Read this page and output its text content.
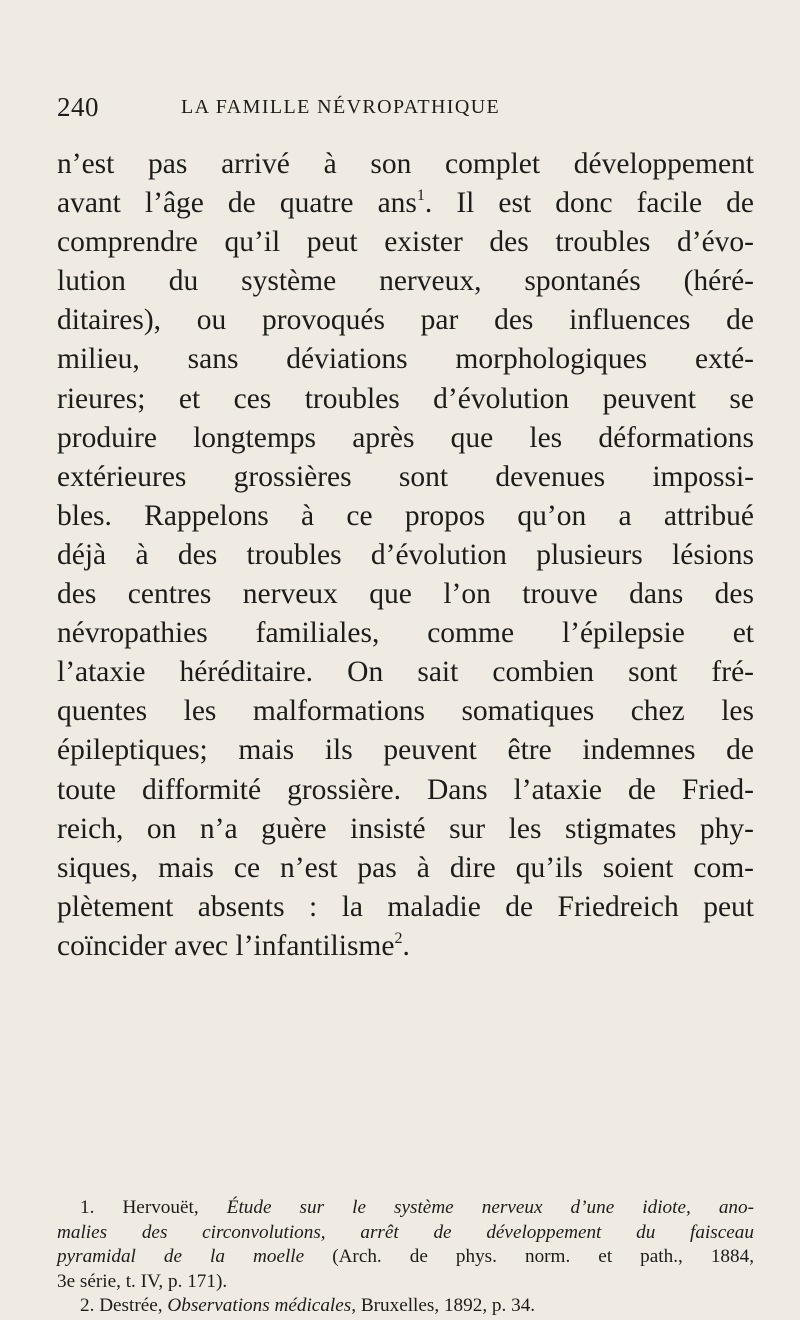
240	LA FAMILLE NÉVROPATHIQUE
n’est pas arrivé à son complet développement
avant l’âge de quatre ans$^1$. Il est donc facile de
comprendre qu’il peut exister des troubles d’évo-
lution du système nerveux, spontanés (héré-
ditaires), ou provoqués par des influences de
milieu, sans déviations morphologiques exté-
rieures; et ces troubles d’évolution peuvent se
produire longtemps après que les déformations
extérieures grossières sont devenues impossi-
bles. Rappelons à ce propos qu’on a attribué
déjà à des troubles d’évolution plusieurs lésions
des centres nerveux que l’on trouve dans des
névropathies familiales, comme l’épilepsie et
l’ataxie héréditaire. On sait combien sont fré-
quentes les malformations somatiques chez les
épileptiques; mais ils peuvent être indemnes de
toute difformité grossière. Dans l’ataxie de Fried-
reich, on n’a guère insisté sur les stigmates phy-
siques, mais ce n’est pas à dire qu’ils soient com-
plètement absents : la maladie de Friedreich peut
coïncider avec l’infantilisme$^2$.
1. Hervouët, Étude sur le système nerveux d’une idiote, ano-
malies des circonvolutions, arrêt de développement du faisceau
pyramidal de la moelle (Arch. de phys. norm. et path., 1884,
3e série, t. IV, p. 171).
2. Destrée, Observations médicales, Bruxelles, 1892, p. 34.
